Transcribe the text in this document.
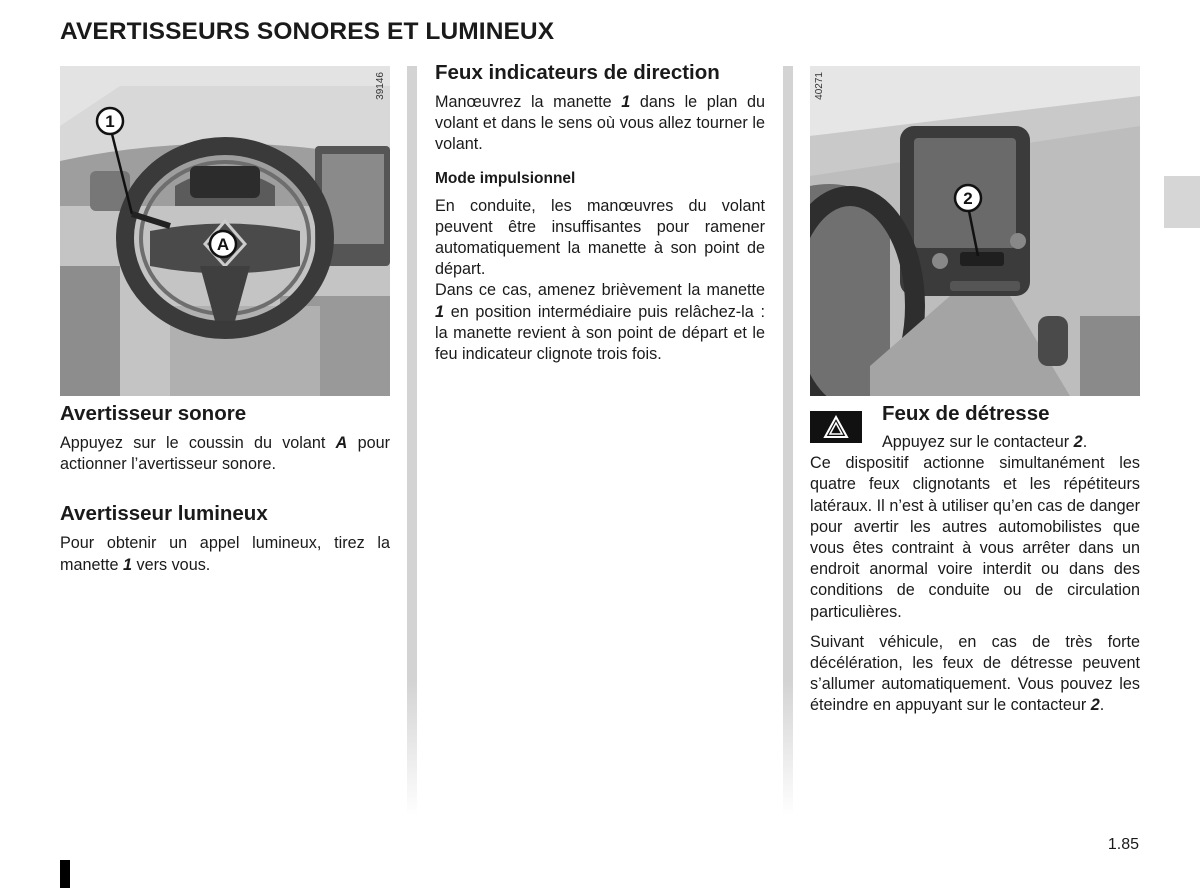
AVERTISSEURS SONORES ET LUMINEUX
1
A
39146
Avertisseur sonore

Appuyez sur le coussin du volant A pour actionner l’avertisseur sonore.

Avertisseur lumineux

Pour obtenir un appel lumineux, tirez la manette 1 vers vous.

Feux indicateurs de direction

Manœuvrez la manette 1 dans le plan du volant et dans le sens où vous allez tourner le volant.

Mode impulsionnel

En conduite, les manœuvres du volant peuvent être insuffisantes pour ramener automatiquement la manette à son point de départ.

Dans ce cas, amenez brièvement la manette 1 en position intermédiaire puis relâchez-la : la manette revient à son point de départ et le feu indicateur clignote trois fois.

2
40271
Feux de détresse

Appuyez sur le contacteur 2.

Ce dispositif actionne simultanément les quatre feux clignotants et les répétiteurs latéraux. Il n’est à utiliser qu’en cas de danger pour avertir les autres automobilistes que vous êtes contraint à vous arrêter dans un endroit anormal voire interdit ou dans des conditions de conduite ou de circulation particulières.

Suivant véhicule, en cas de très forte décélération, les feux de détresse peuvent s’allumer automatiquement. Vous pouvez les éteindre en appuyant sur le contacteur 2.

1.85
